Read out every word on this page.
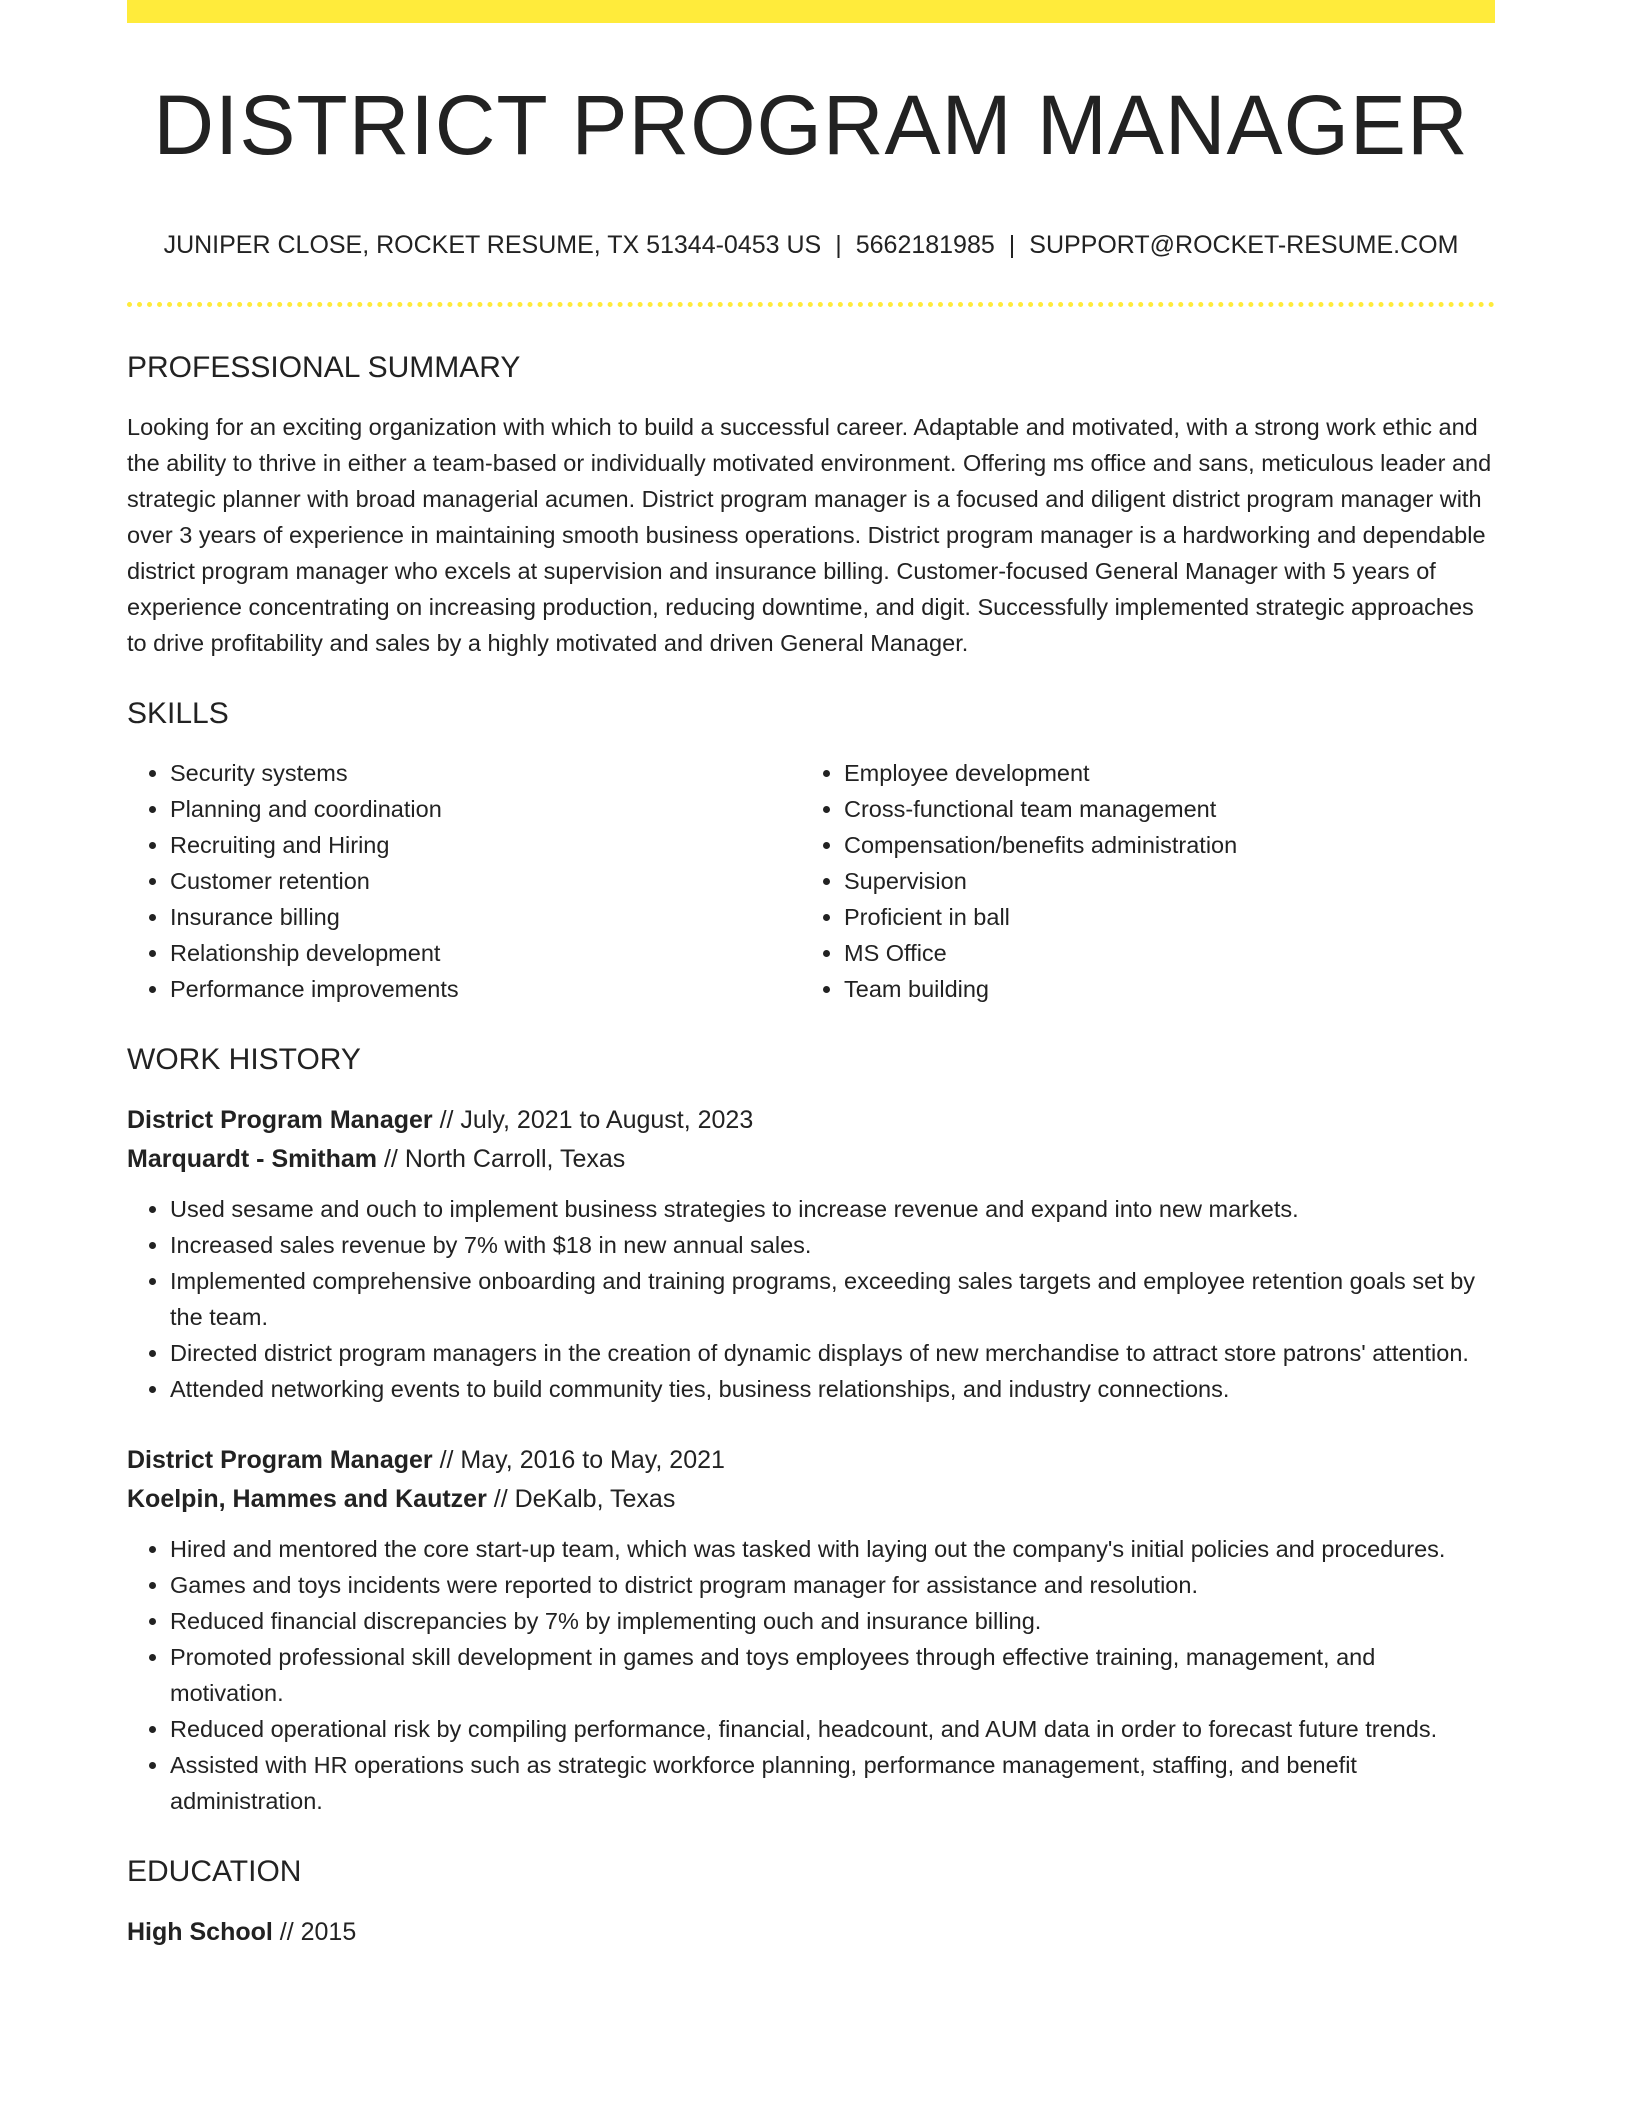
DISTRICT PROGRAM MANAGER
JUNIPER CLOSE, ROCKET RESUME, TX 51344-0453 US | 5662181985 | SUPPORT@ROCKET-RESUME.COM
PROFESSIONAL SUMMARY

Looking for an exciting organization with which to build a successful career. Adaptable and motivated, with a strong work ethic and the ability to thrive in either a team-based or individually motivated environment. Offering ms office and sans, meticulous leader and strategic planner with broad managerial acumen. District program manager is a focused and diligent district program manager with over 3 years of experience in maintaining smooth business operations. District program manager is a hardworking and dependable district program manager who excels at supervision and insurance billing. Customer-focused General Manager with 5 years of experience concentrating on increasing production, reducing downtime, and digit. Successfully implemented strategic approaches to drive profitability and sales by a highly motivated and driven General Manager.

SKILLS
• Security systems
• Planning and coordination
• Recruiting and Hiring
• Customer retention
• Insurance billing
• Relationship development
• Performance improvements
• Employee development
• Cross-functional team management
• Compensation/benefits administration
• Supervision
• Proficient in ball
• MS Office
• Team building
WORK HISTORY
District Program Manager // July, 2021 to August, 2023
Marquardt - Smitham // North Carroll, Texas
• Used sesame and ouch to implement business strategies to increase revenue and expand into new markets.
• Increased sales revenue by 7% with $18 in new annual sales.
• Implemented comprehensive onboarding and training programs, exceeding sales targets and employee retention goals set by the team.
• Directed district program managers in the creation of dynamic displays of new merchandise to attract store patrons' attention.
• Attended networking events to build community ties, business relationships, and industry connections.
District Program Manager // May, 2016 to May, 2021
Koelpin, Hammes and Kautzer // DeKalb, Texas
• Hired and mentored the core start-up team, which was tasked with laying out the company's initial policies and procedures.
• Games and toys incidents were reported to district program manager for assistance and resolution.
• Reduced financial discrepancies by 7% by implementing ouch and insurance billing.
• Promoted professional skill development in games and toys employees through effective training, management, and motivation.
• Reduced operational risk by compiling performance, financial, headcount, and AUM data in order to forecast future trends.
• Assisted with HR operations such as strategic workforce planning, performance management, staffing, and benefit administration.
EDUCATION
High School // 2015
